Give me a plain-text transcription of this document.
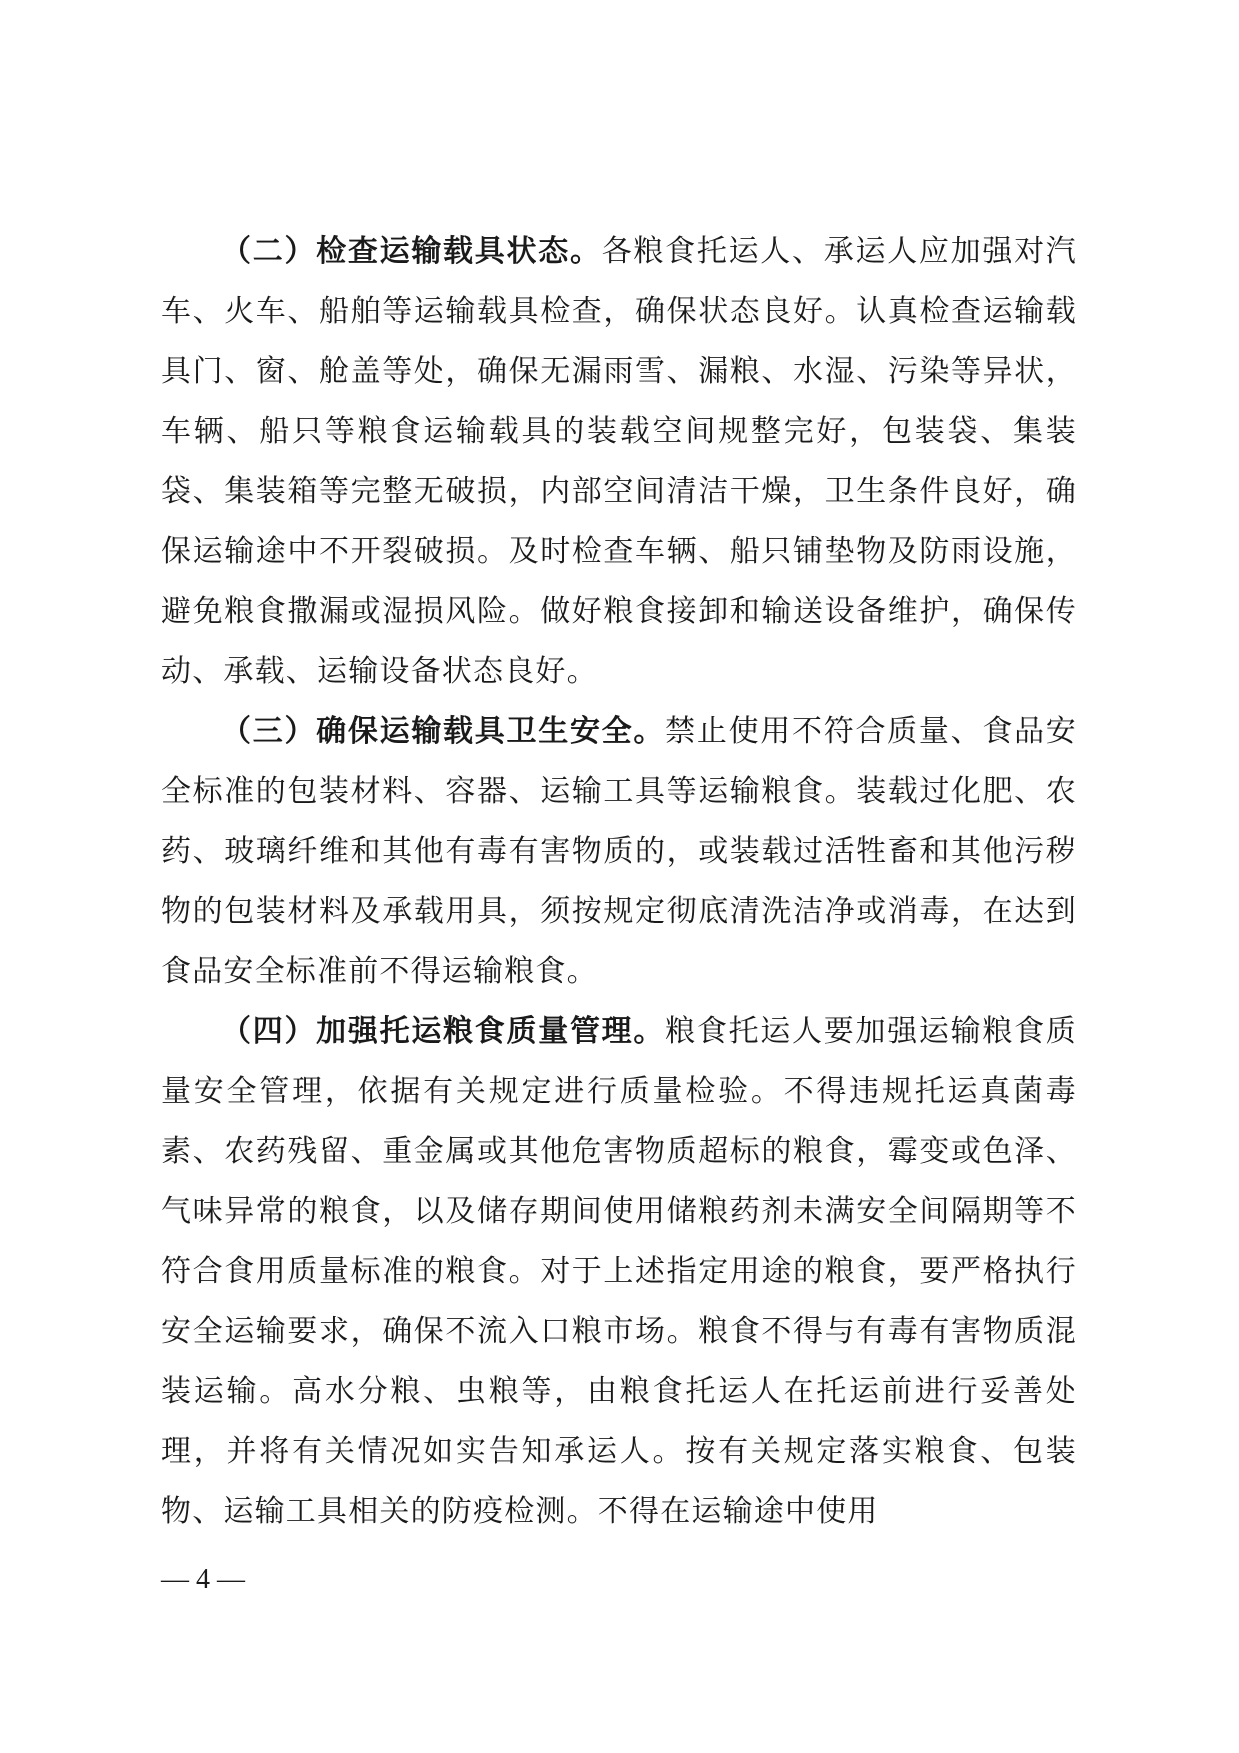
（二）检查运输载具状态。各粮食托运人、承运人应加强对汽车、火车、船舶等运输载具检查，确保状态良好。认真检查运输载具门、窗、舱盖等处，确保无漏雨雪、漏粮、水湿、污染等异状，车辆、船只等粮食运输载具的装载空间规整完好，包装袋、集装袋、集装箱等完整无破损，内部空间清洁干燥，卫生条件良好，确保运输途中不开裂破损。及时检查车辆、船只铺垫物及防雨设施，避免粮食撒漏或湿损风险。做好粮食接卸和输送设备维护，确保传动、承载、运输设备状态良好。

（三）确保运输载具卫生安全。禁止使用不符合质量、食品安全标准的包装材料、容器、运输工具等运输粮食。装载过化肥、农药、玻璃纤维和其他有毒有害物质的，或装载过活牲畜和其他污秽物的包装材料及承载用具，须按规定彻底清洗洁净或消毒，在达到食品安全标准前不得运输粮食。

（四）加强托运粮食质量管理。粮食托运人要加强运输粮食质量安全管理，依据有关规定进行质量检验。不得违规托运真菌毒素、农药残留、重金属或其他危害物质超标的粮食，霉变或色泽、气味异常的粮食，以及储存期间使用储粮药剂未满安全间隔期等不符合食用质量标准的粮食。对于上述指定用途的粮食，要严格执行安全运输要求，确保不流入口粮市场。粮食不得与有毒有害物质混装运输。高水分粮、虫粮等，由粮食托运人在托运前进行妥善处理，并将有关情况如实告知承运人。按有关规定落实粮食、包装物、运输工具相关的防疫检测。不得在运输途中使用

— 4 —
